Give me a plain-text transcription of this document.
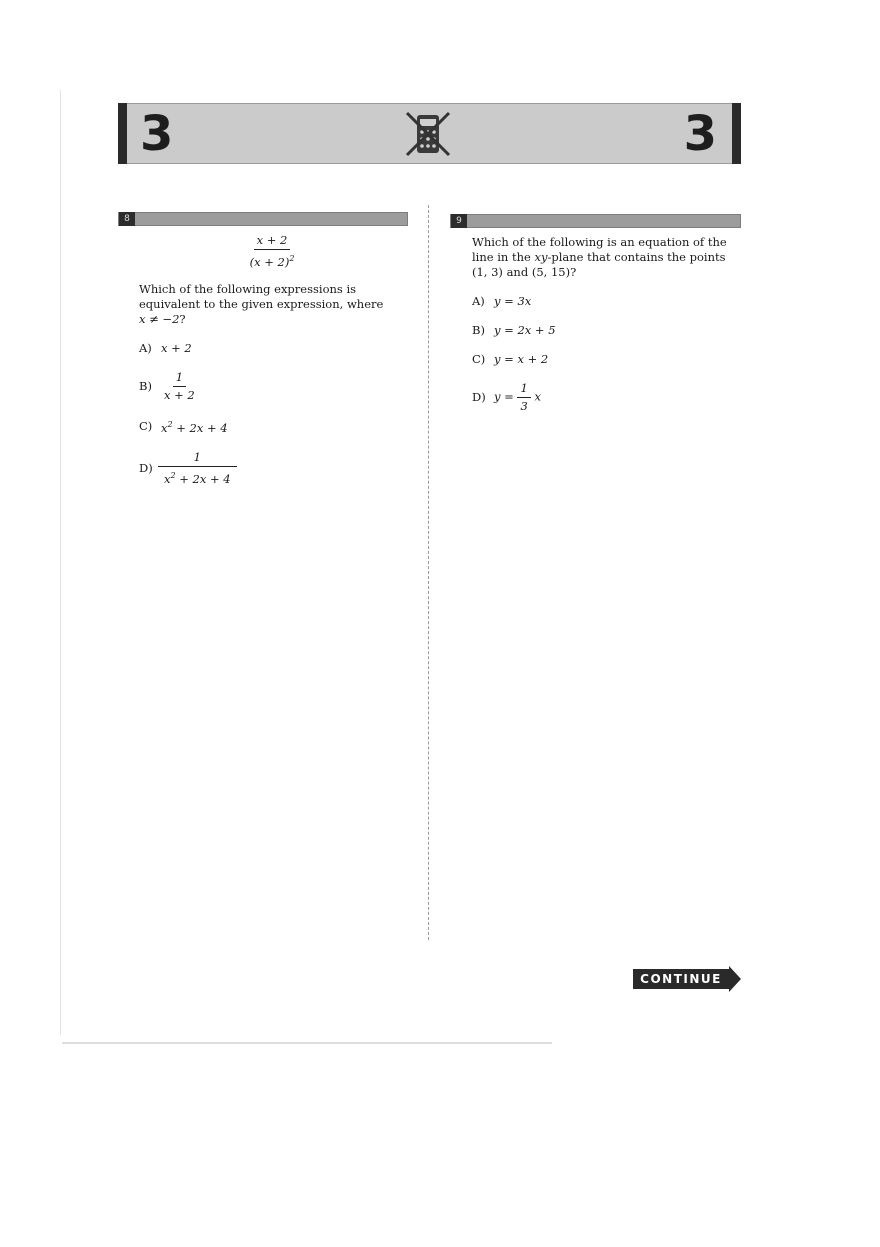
3	3
8
$\frac{x + 2}{(x + 2)^2}$

Which of the following expressions is equivalent to the given expression, where x ≠ −2?

A) x + 2
$B) \frac{1}{x + 2}$
C) $x^2 + 2x + 4$
$D) \frac{1}{x^2 + 2x + 4}$
9

Which of the following is an equation of the line in the xy-plane that contains the points (1, 3) and (5, 15)?

A) y = 3x
B) y = 2x + 5
C) y = x + 2
D) $y = \frac{1}{3}$ x
CONTINUE
